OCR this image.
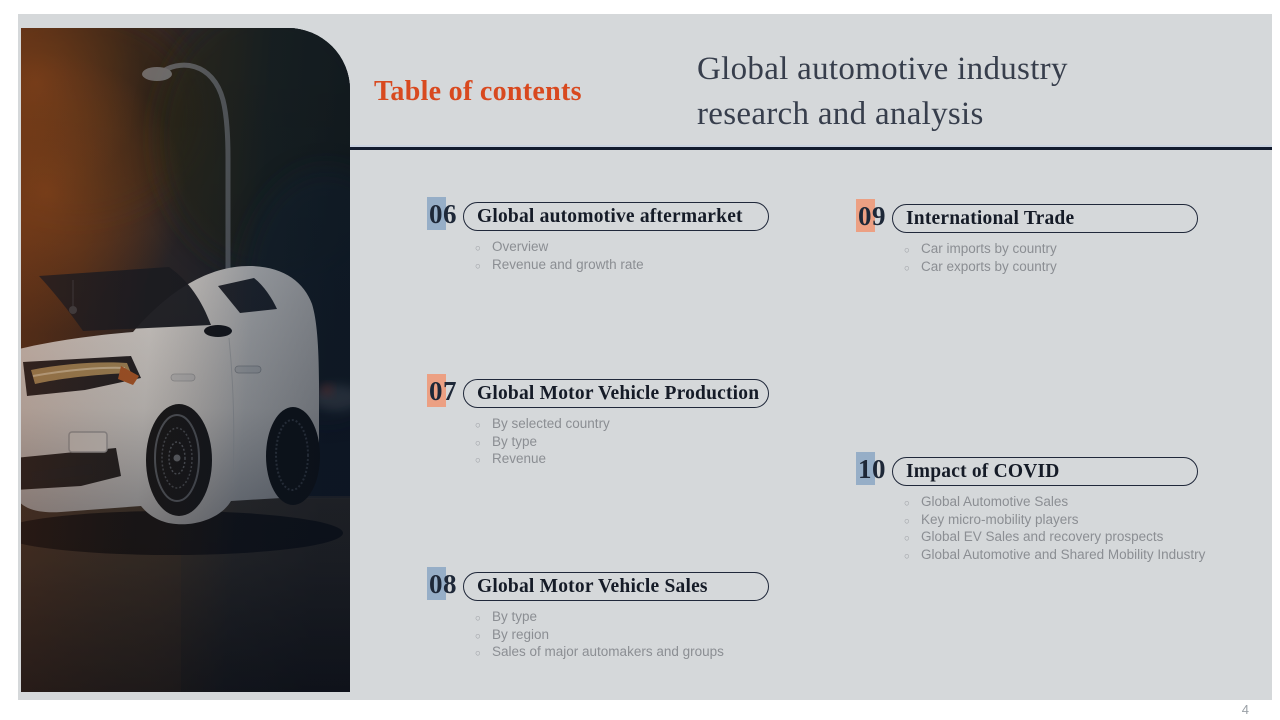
Table of contents
Global automotive industry
research and analysis
06 Global automotive aftermarket
○ Overview
○ Revenue and growth rate
07 Global Motor Vehicle Production
○ By selected country
○ By type
○ Revenue
08 Global Motor Vehicle Sales
○ By type
○ By region
○ Sales of major automakers and groups
09 International Trade
○ Car imports by country
○ Car exports by country
10 Impact of COVID
○ Global Automotive Sales
○ Key micro-mobility players
○ Global EV Sales and recovery prospects
○ Global Automotive and Shared Mobility Industry
4
